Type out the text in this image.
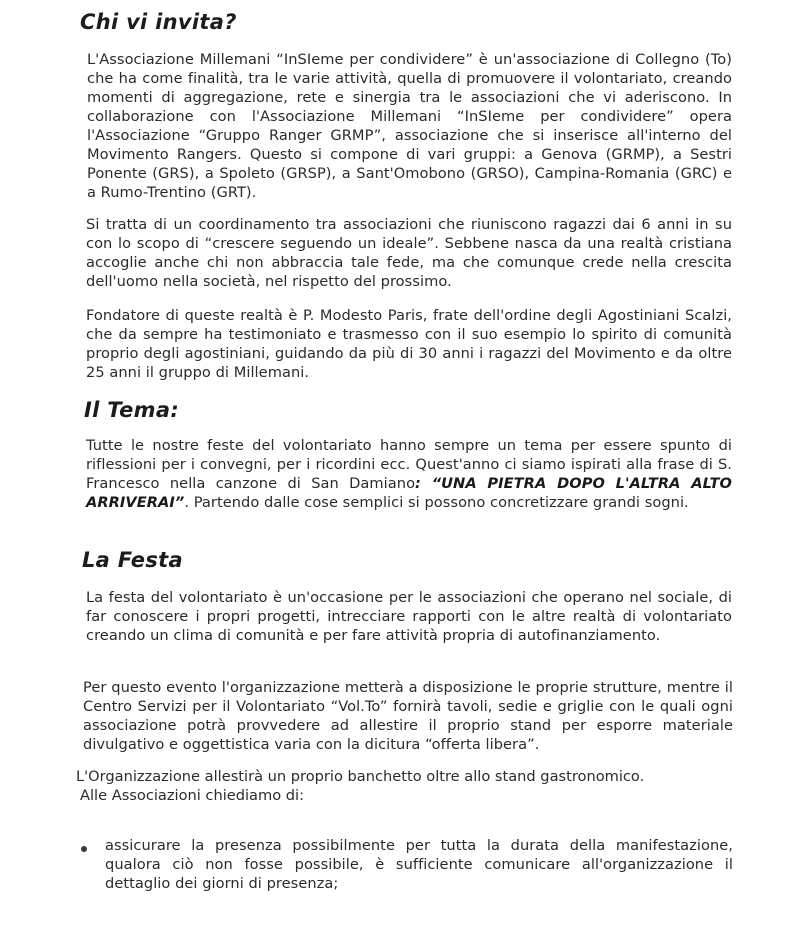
Chi vi invita?

L'Associazione Millemani “InSIeme per condividere” è un'associazione di Collegno (To) che ha come finalità, tra le varie attività, quella di promuovere il volontariato, creando momenti di aggregazione, rete e sinergia tra le associazioni che vi aderiscono. In collaborazione con l'Associazione Millemani “InSIeme per condividere” opera l'Associazione “Gruppo Ranger GRMP”, associazione che si inserisce all'interno del Movimento Rangers. Questo si compone di vari gruppi: a Genova (GRMP), a Sestri Ponente (GRS), a Spoleto (GRSP), a Sant'Omobono (GRSO), Campina-Romania (GRC) e a Rumo-Trentino (GRT).

Si tratta di un coordinamento tra associazioni che riuniscono ragazzi dai 6 anni in su con lo scopo di “crescere seguendo un ideale”. Sebbene nasca da una realtà cristiana accoglie anche chi non abbraccia tale fede, ma che comunque crede nella crescita dell'uomo nella società, nel rispetto del prossimo.

Fondatore di queste realtà è P. Modesto Paris, frate dell'ordine degli Agostiniani Scalzi, che da sempre ha testimoniato e trasmesso con il suo esempio lo spirito di comunità proprio degli agostiniani, guidando da più di 30 anni i ragazzi del Movimento e da oltre 25 anni il gruppo di Millemani.

Il Tema:

Tutte le nostre feste del volontariato hanno sempre un tema per essere spunto di riflessioni per i convegni, per i ricordini ecc. Quest'anno ci siamo ispirati alla frase di S. Francesco nella canzone di San Damiano: “UNA PIETRA DOPO L'ALTRA ALTO ARRIVERAI”. Partendo dalle cose semplici si possono concretizzare grandi sogni.

La Festa

La festa del volontariato è un'occasione per le associazioni che operano nel sociale, di far conoscere i propri progetti, intrecciare rapporti con le altre realtà di volontariato creando un clima di comunità e per fare attività propria di autofinanziamento.

Per questo evento l'organizzazione metterà a disposizione le proprie strutture, mentre il Centro Servizi per il Volontariato “Vol.To” fornirà tavoli, sedie e griglie con le quali ogni associazione potrà provvedere ad allestire il proprio stand per esporre materiale divulgativo e oggettistica varia con la dicitura “offerta libera”.

L'Organizzazione allestirà un proprio banchetto oltre allo stand gastronomico.
Alle Associazioni chiediamo di:

assicurare la presenza possibilmente per tutta la durata della manifestazione, qualora ciò non fosse possibile, è sufficiente comunicare all'organizzazione il dettaglio dei giorni di presenza;
